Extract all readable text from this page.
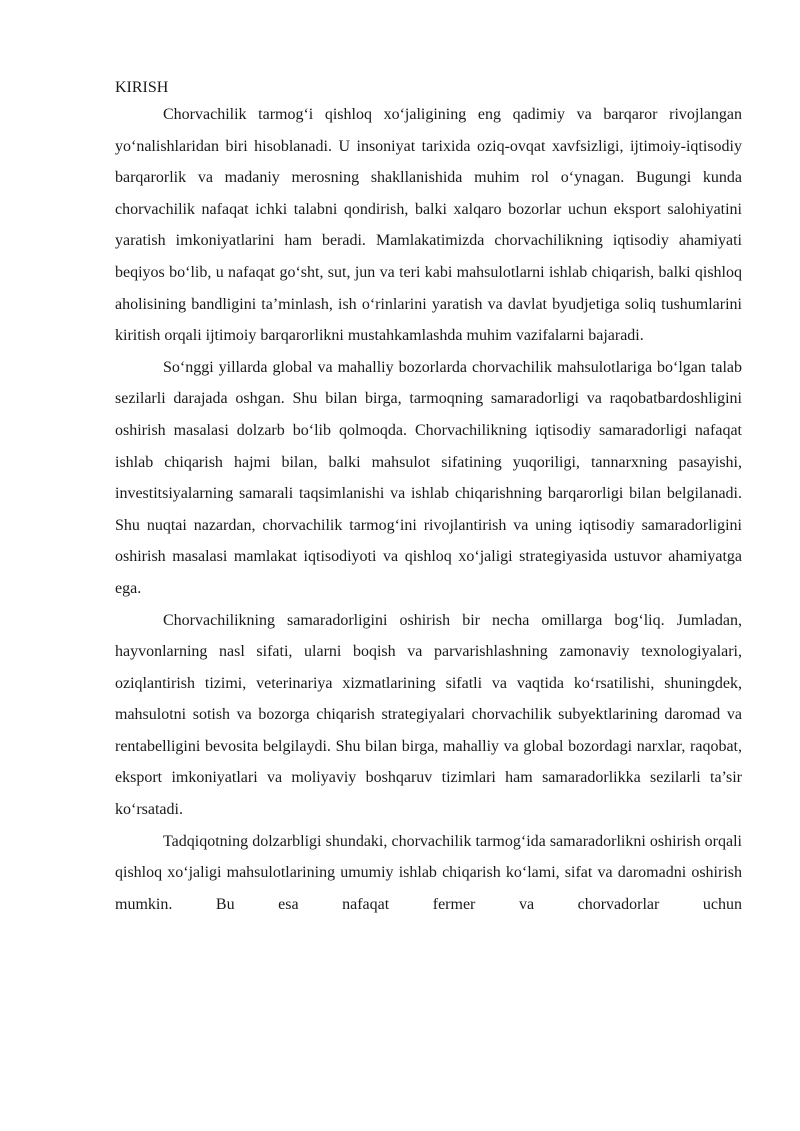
KIRISH

Chorvachilik tarmog‘i qishloq xo‘jaligining eng qadimiy va barqaror rivojlangan yo‘nalishlaridan biri hisoblanadi. U insoniyat tarixida oziq-ovqat xavfsizligi, ijtimoiy-iqtisodiy barqarorlik va madaniy merosning shakllanishida muhim rol o‘ynagan. Bugungi kunda chorvachilik nafaqat ichki talabni qondirish, balki xalqaro bozorlar uchun eksport salohiyatini yaratish imkoniyatlarini ham beradi. Mamlakatimizda chorvachilikning iqtisodiy ahamiyati beqiyos bo‘lib, u nafaqat go‘sht, sut, jun va teri kabi mahsulotlarni ishlab chiqarish, balki qishloq aholisining bandligini ta’minlash, ish o‘rinlarini yaratish va davlat byudjetiga soliq tushumlarini kiritish orqali ijtimoiy barqarorlikni mustahkamlashda muhim vazifalarni bajaradi.

So‘nggi yillarda global va mahalliy bozorlarda chorvachilik mahsulotlariga bo‘lgan talab sezilarli darajada oshgan. Shu bilan birga, tarmoqning samaradorligi va raqobatbardoshligini oshirish masalasi dolzarb bo‘lib qolmoqda. Chorvachilikning iqtisodiy samaradorligi nafaqat ishlab chiqarish hajmi bilan, balki mahsulot sifatining yuqoriligi, tannarxning pasayishi, investitsiyalarning samarali taqsimlanishi va ishlab chiqarishning barqarorligi bilan belgilanadi. Shu nuqtai nazardan, chorvachilik tarmog‘ini rivojlantirish va uning iqtisodiy samaradorligini oshirish masalasi mamlakat iqtisodiyoti va qishloq xo‘jaligi strategiyasida ustuvor ahamiyatga ega.

Chorvachilikning samaradorligini oshirish bir necha omillarga bog‘liq. Jumladan, hayvonlarning nasl sifati, ularni boqish va parvarishlashning zamonaviy texnologiyalari, oziqlantirish tizimi, veterinariya xizmatlarining sifatli va vaqtida ko‘rsatilishi, shuningdek, mahsulotni sotish va bozorga chiqarish strategiyalari chorvachilik subyektlarining daromad va rentabelligini bevosita belgilaydi. Shu bilan birga, mahalliy va global bozordagi narxlar, raqobat, eksport imkoniyatlari va moliyaviy boshqaruv tizimlari ham samaradorlikka sezilarli ta’sir ko‘rsatadi.

Tadqiqotning dolzarbligi shundaki, chorvachilik tarmog‘ida samaradorlikni oshirish orqali qishloq xo‘jaligi mahsulotlarining umumiy ishlab chiqarish ko‘lami, sifat va daromadni oshirish mumkin. Bu esa nafaqat fermer va chorvadorlar uchun
